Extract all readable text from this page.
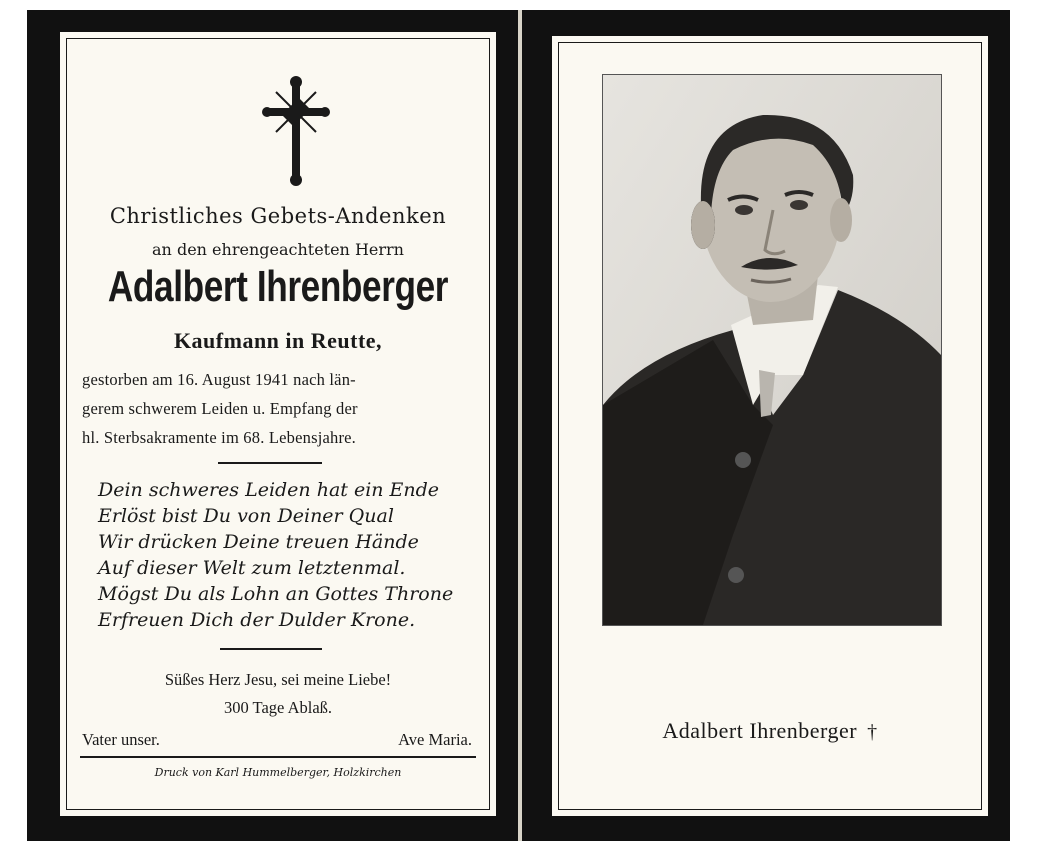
Christliches Gebets-Andenken
an den ehrengeachteten Herrn
Adalbert Ihrenberger
Kaufmann in Reutte,
gestorben am 16. August 1941 nach län-
gerem schwerem Leiden u. Empfang der
hl. Sterbsakramente im 68. Lebensjahre.
Dein schweres Leiden hat ein Ende
Erlöst bist Du von Deiner Qual
Wir drücken Deine treuen Hände
Auf dieser Welt zum letztenmal.
Mögst Du als Lohn an Gottes Throne
Erfreuen Dich der Dulder Krone.
Süßes Herz Jesu, sei meine Liebe!
300 Tage Ablaß.
Vater unser.	Ave Maria.
Druck von Karl Hummelberger, Holzkirchen
Adalbert Ihrenberger †
